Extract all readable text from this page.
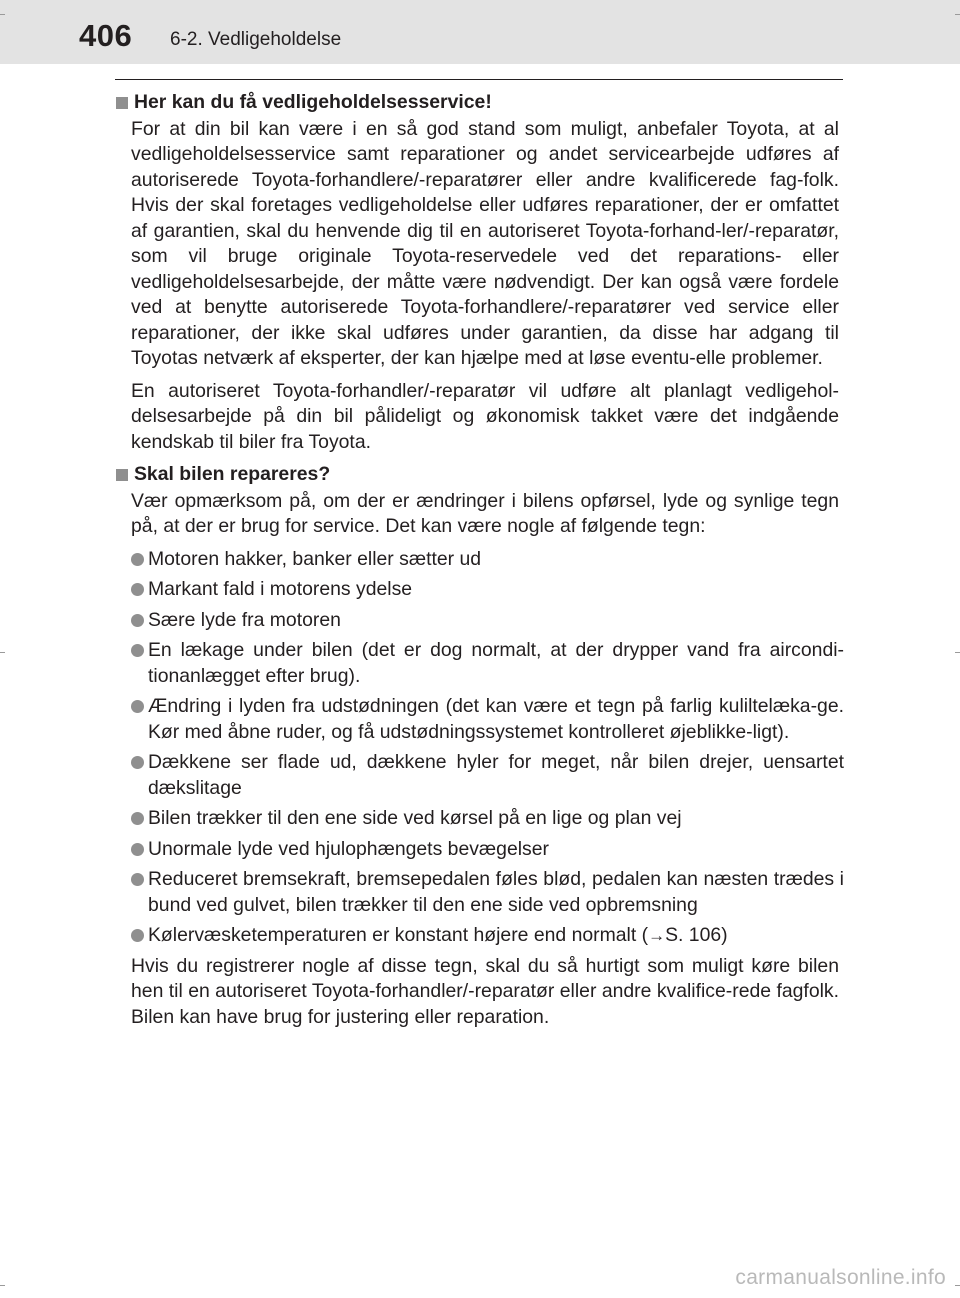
406 6-2. Vedligeholdelse
Her kan du få vedligeholdelsesservice!
For at din bil kan være i en så god stand som muligt, anbefaler Toyota, at al vedligeholdelsesservice samt reparationer og andet servicearbejde udføres af autoriserede Toyota-forhandlere/-reparatører eller andre kvalificerede fag-folk. Hvis der skal foretages vedligeholdelse eller udføres reparationer, der er omfattet af garantien, skal du henvende dig til en autoriseret Toyota-forhand-ler/-reparatør, som vil bruge originale Toyota-reservedele ved det reparations- eller vedligeholdelsesarbejde, der måtte være nødvendigt. Der kan også være fordele ved at benytte autoriserede Toyota-forhandlere/-reparatører ved service eller reparationer, der ikke skal udføres under garantien, da disse har adgang til Toyotas netværk af eksperter, der kan hjælpe med at løse eventu-elle problemer.
En autoriseret Toyota-forhandler/-reparatør vil udføre alt planlagt vedligehol-delsesarbejde på din bil pålideligt og økonomisk takket være det indgående kendskab til biler fra Toyota.
Skal bilen repareres?
Vær opmærksom på, om der er ændringer i bilens opførsel, lyde og synlige tegn på, at der er brug for service. Det kan være nogle af følgende tegn:
Motoren hakker, banker eller sætter ud
Markant fald i motorens ydelse
Sære lyde fra motoren
En lækage under bilen (det er dog normalt, at der drypper vand fra aircondi-tionanlægget efter brug).
Ændring i lyden fra udstødningen (det kan være et tegn på farlig kuliltelæka-ge. Kør med åbne ruder, og få udstødningssystemet kontrolleret øjeblikke-ligt).
Dækkene ser flade ud, dækkene hyler for meget, når bilen drejer, uensartet dækslitage
Bilen trækker til den ene side ved kørsel på en lige og plan vej
Unormale lyde ved hjulophængets bevægelser
Reduceret bremsekraft, bremsepedalen føles blød, pedalen kan næsten trædes i bund ved gulvet, bilen trækker til den ene side ved opbremsning
Kølervæsketemperaturen er konstant højere end normalt (→S. 106)
Hvis du registrerer nogle af disse tegn, skal du så hurtigt som muligt køre bilen hen til en autoriseret Toyota-forhandler/-reparatør eller andre kvalifice-rede fagfolk. Bilen kan have brug for justering eller reparation.
carmanualsonline.info
